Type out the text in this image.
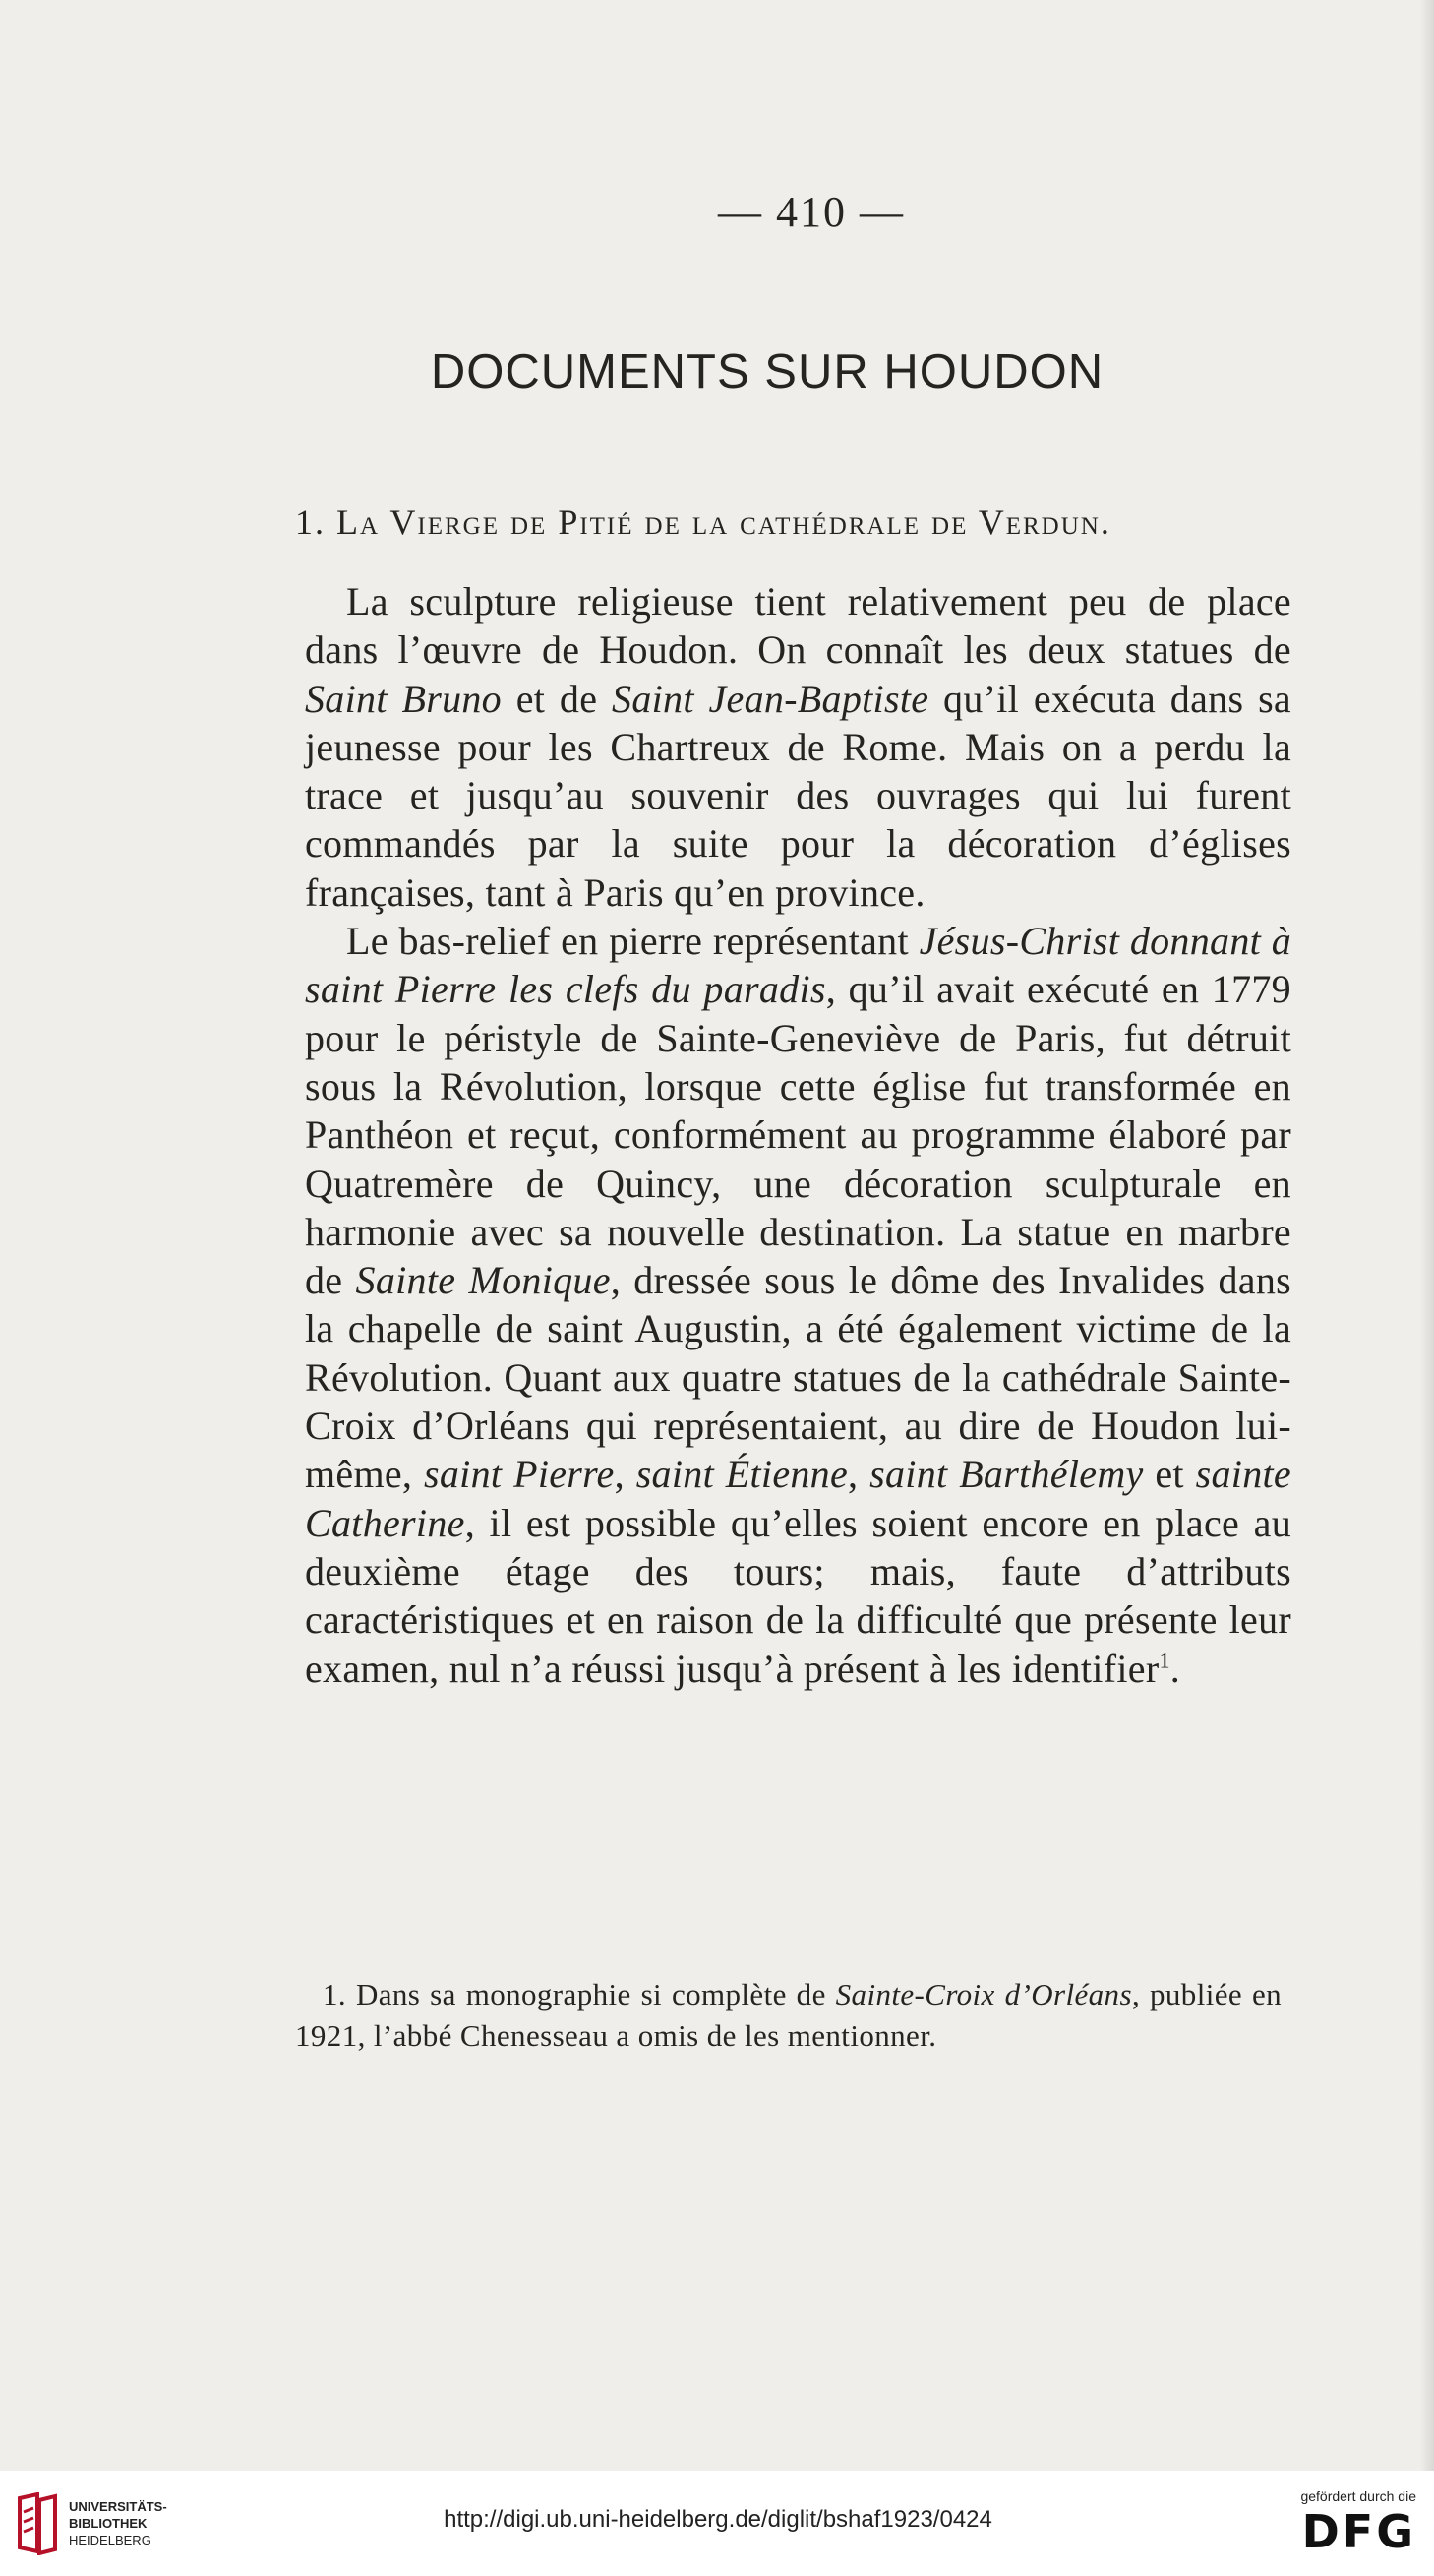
— 410 —
DOCUMENTS SUR HOUDON
1. La Vierge de Pitié de la cathédrale de Verdun.

La sculpture religieuse tient relativement peu de place dans l’œuvre de Houdon. On connaît les deux statues de Saint Bruno et de Saint Jean-Baptiste qu’il exécuta dans sa jeunesse pour les Chartreux de Rome. Mais on a perdu la trace et jusqu’au souvenir des ouvrages qui lui furent commandés par la suite pour la décoration d’églises françaises, tant à Paris qu’en province.

Le bas-relief en pierre représentant Jésus-Christ donnant à saint Pierre les clefs du paradis, qu’il avait exécuté en 1779 pour le péristyle de Sainte-Geneviève de Paris, fut détruit sous la Révolution, lorsque cette église fut transformée en Panthéon et reçut, conformément au programme élaboré par Quatremère de Quincy, une décoration sculpturale en harmonie avec sa nouvelle destination. La statue en marbre de Sainte Monique, dressée sous le dôme des Invalides dans la chapelle de saint Augustin, a été également victime de la Révolution. Quant aux quatre statues de la cathédrale Sainte-Croix d’Orléans qui représentaient, au dire de Houdon lui-même, saint Pierre, saint Étienne, saint Barthélemy et sainte Catherine, il est possible qu’elles soient encore en place au deuxième étage des tours; mais, faute d’attributs caractéristiques et en raison de la difficulté que présente leur examen, nul n’a réussi jusqu’à présent à les identifier$^1$.

1. Dans sa monographie si complète de Sainte-Croix d’Orléans, publiée en 1921, l’abbé Chenesseau a omis de les mentionner.

UNIVERSITÄTS-
BIBLIOTHEK
HEIDELBERG
http://digi.ub.uni-heidelberg.de/diglit/bshaf1923/0424
gefördert durch die
DFG
